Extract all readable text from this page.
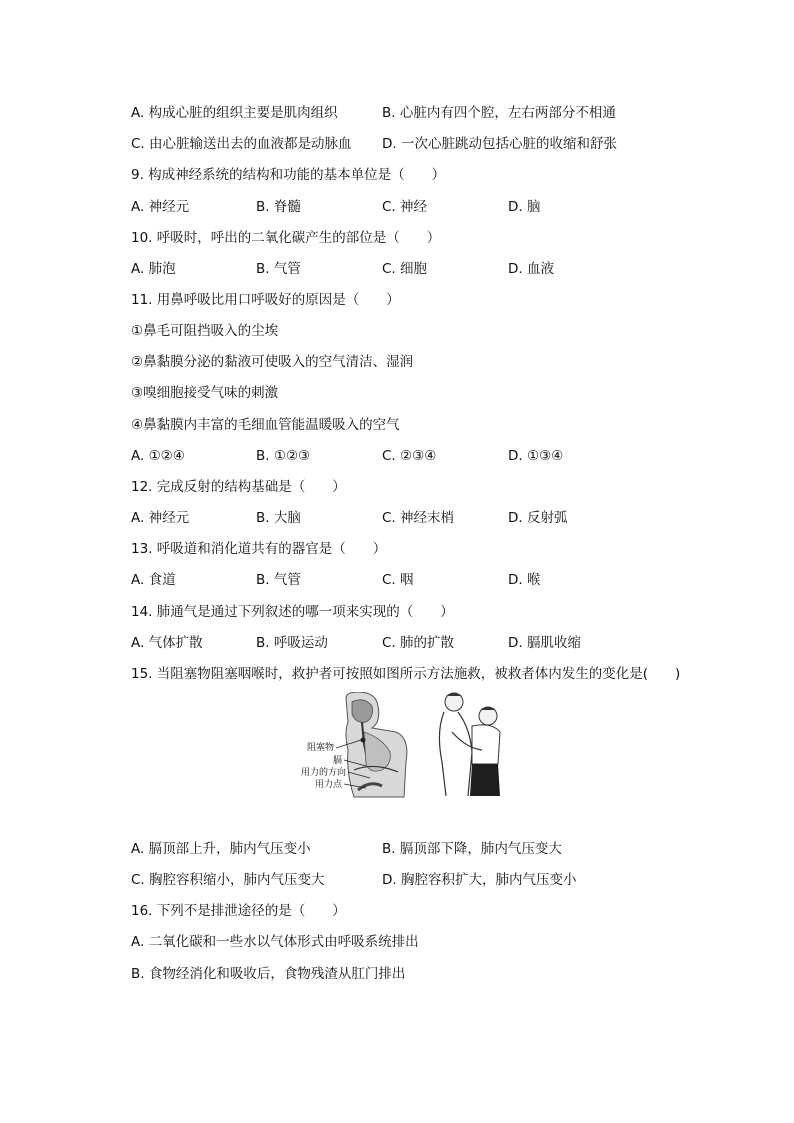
A. 构成心脏的组织主要是肌肉组织	B. 心脏内有四个腔，左右两部分不相通
C. 由心脏输送出去的血液都是动脉血 D. 一次心脏跳动包括心脏的收缩和舒张
9. 构成神经系统的结构和功能的基本单位是（　　）
A. 神经元	B. 脊髓	C. 神经	D. 脑
10. 呼吸时，呼出的二氧化碳产生的部位是（　　）
A. 肺泡	B. 气管	C. 细胞	D. 血液
11. 用鼻呼吸比用口呼吸好的原因是（　　）
①鼻毛可阻挡吸入的尘埃
②鼻黏膜分泌的黏液可使吸入的空气清洁、湿润
③嗅细胞接受气味的刺激
④鼻黏膜内丰富的毛细血管能温暖吸入的空气
A. ①②④	B. ①②③	C. ②③④	D. ①③④
12. 完成反射的结构基础是（　　）
A. 神经元	B. 大脑	C. 神经末梢	D. 反射弧
13. 呼吸道和消化道共有的器官是（　　）
A. 食道	B. 气管	C. 咽	D. 喉
14. 肺通气是通过下列叙述的哪一项来实现的（　　）
A. 气体扩散	B. 呼吸运动	C. 肺的扩散	D. 膈肌收缩
15. 当阻塞物阻塞咽喉时，救护者可按照如图所示方法施救，被救者体内发生的变化是(　　)
阻塞物
膈
用力的方向
用力点
A. 膈顶部上升，肺内气压变小	B. 膈顶部下降，肺内气压变大
C. 胸腔容积缩小，肺内气压变大	D. 胸腔容积扩大，肺内气压变小
16. 下列不是排泄途径的是（　　）
A. 二氧化碳和一些水以气体形式由呼吸系统排出
B. 食物经消化和吸收后，食物残渣从肛门排出
